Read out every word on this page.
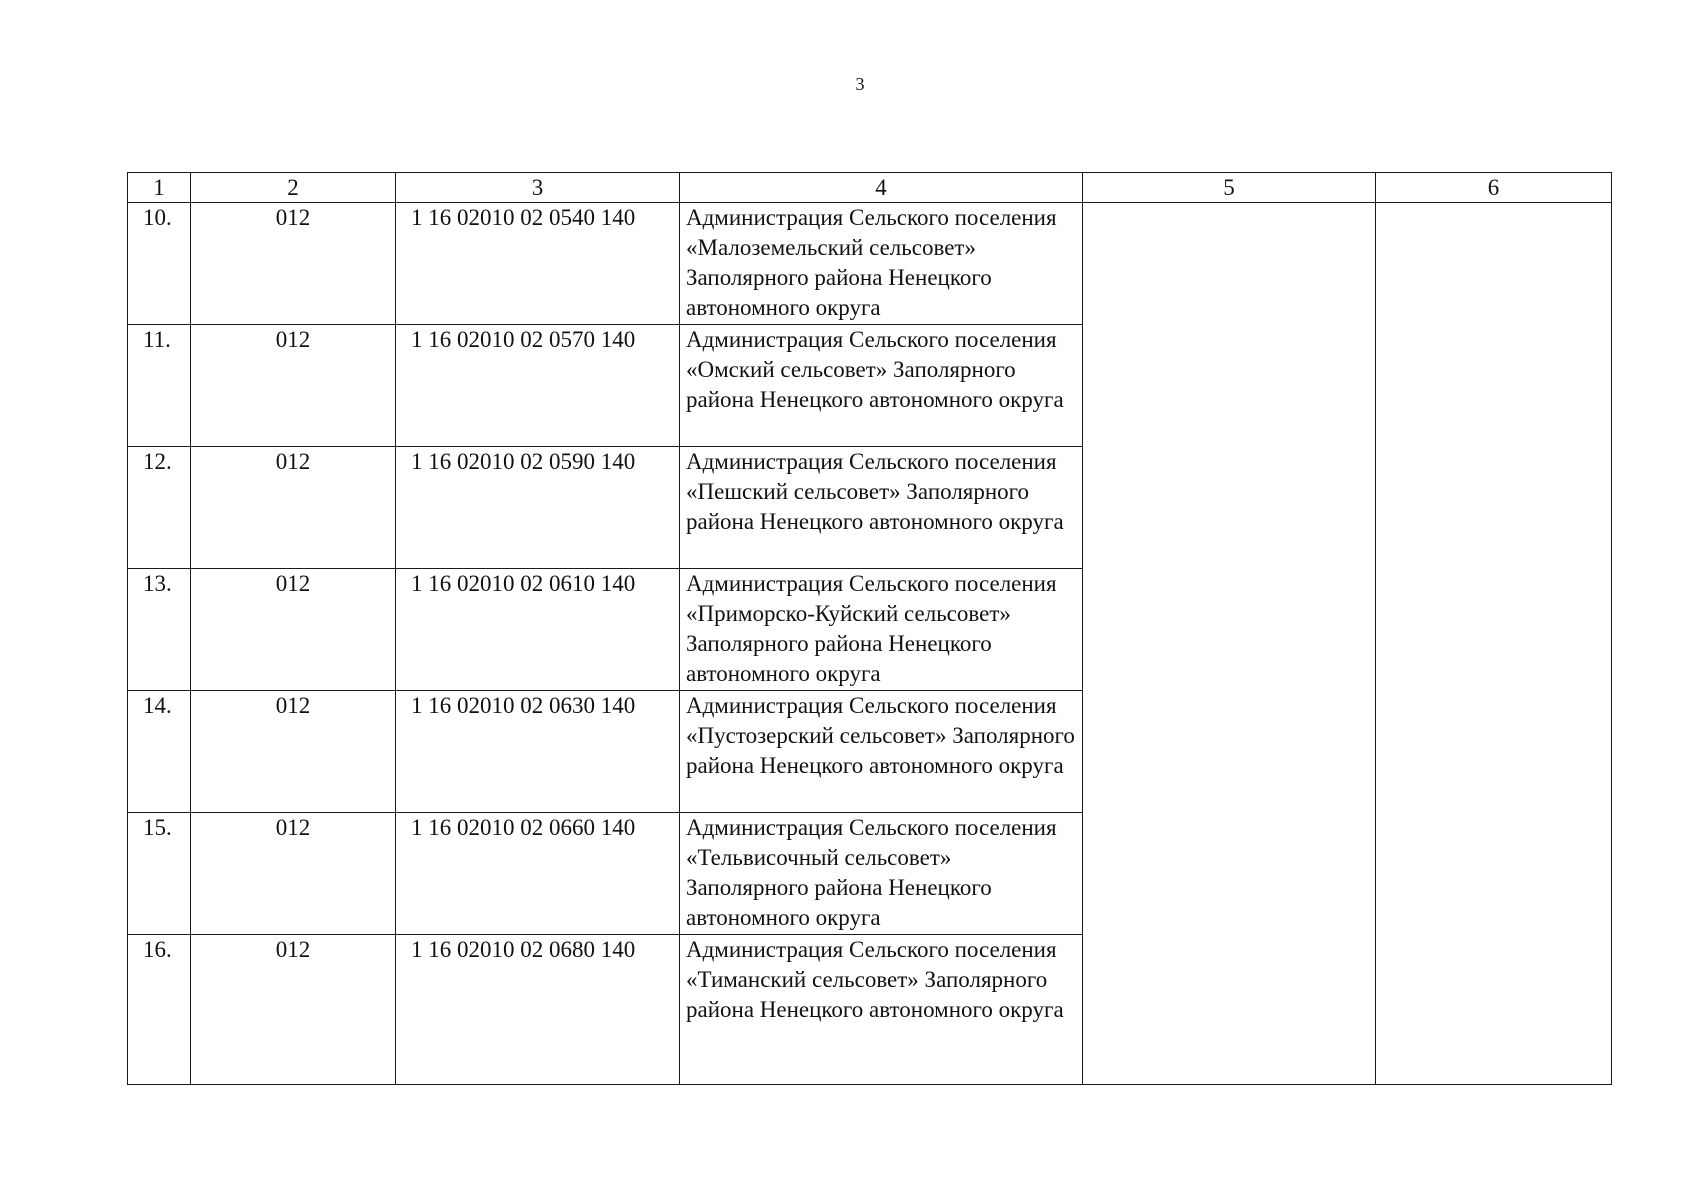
3
1	2	3	4	5	6
10.	012	1 16 02010 02 0540 140	Администрация Сельского поселения «Малоземельский сельсовет» Заполярного района Ненецкого автономного округа		
11.	012	1 16 02010 02 0570 140	Администрация Сельского поселения «Омский сельсовет» Заполярного района Ненецкого автономного округа		
12.	012	1 16 02010 02 0590 140	Администрация Сельского поселения «Пешский сельсовет» Заполярного района Ненецкого автономного округа		
13.	012	1 16 02010 02 0610 140	Администрация Сельского поселения «Приморско-Куйский сельсовет» Заполярного района Ненецкого автономного округа		
14.	012	1 16 02010 02 0630 140	Администрация Сельского поселения «Пустозерский сельсовет» Заполярного района Ненецкого автономного округа		
15.	012	1 16 02010 02 0660 140	Администрация Сельского поселения «Тельвисочный сельсовет» Заполярного района Ненецкого автономного округа		
16.	012	1 16 02010 02 0680 140	Администрация Сельского поселения «Тиманский сельсовет» Заполярного района Ненецкого автономного округа		
